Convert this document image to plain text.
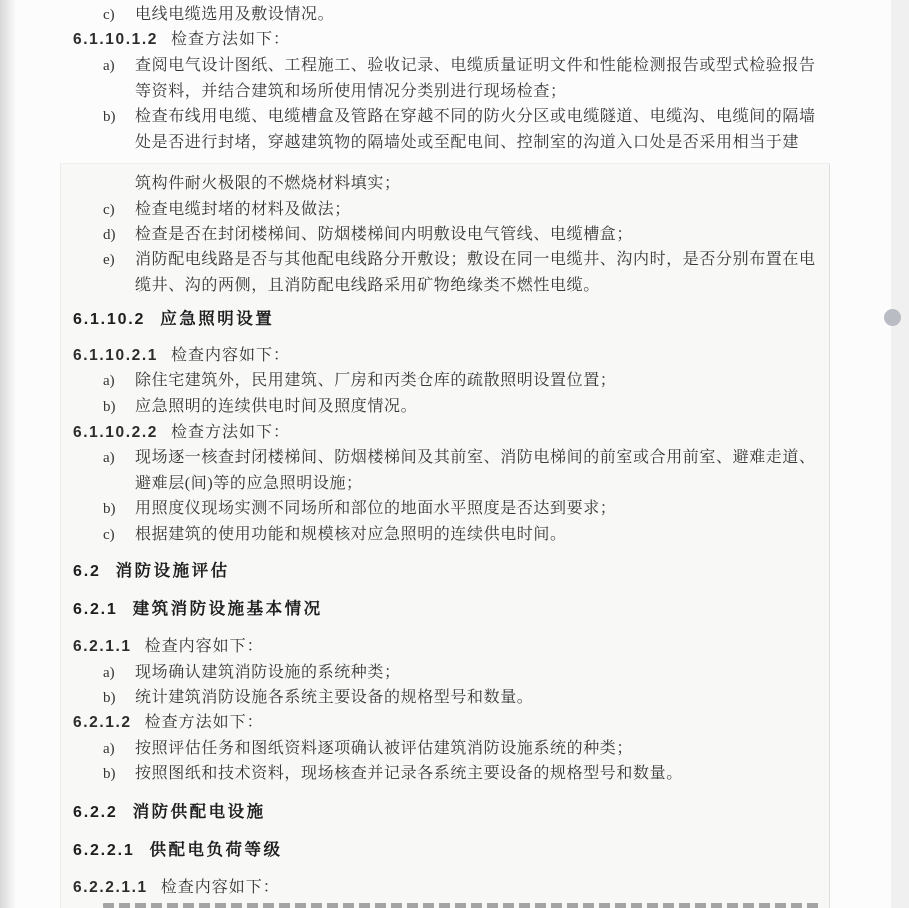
c) 电线电缆选用及敷设情况。
6.1.10.1.2 检查方法如下：
a) 查阅电气设计图纸、工程施工、验收记录、电缆质量证明文件和性能检测报告或型式检验报告
等资料，并结合建筑和场所使用情况分类别进行现场检查；
b) 检查布线用电缆、电缆槽盒及管路在穿越不同的防火分区或电缆隧道、电缆沟、电缆间的隔墙
处是否进行封堵，穿越建筑物的隔墙处或至配电间、控制室的沟道入口处是否采用相当于建
筑构件耐火极限的不燃烧材料填实；
c) 检查电缆封堵的材料及做法；
d) 检查是否在封闭楼梯间、防烟楼梯间内明敷设电气管线、电缆槽盒；
e) 消防配电线路是否与其他配电线路分开敷设；敷设在同一电缆井、沟内时，是否分别布置在电
缆井、沟的两侧，且消防配电线路采用矿物绝缘类不燃性电缆。
6.1.10.2 应急照明设置
6.1.10.2.1 检查内容如下：
a) 除住宅建筑外，民用建筑、厂房和丙类仓库的疏散照明设置位置；
b) 应急照明的连续供电时间及照度情况。
6.1.10.2.2 检查方法如下：
a) 现场逐一核查封闭楼梯间、防烟楼梯间及其前室、消防电梯间的前室或合用前室、避难走道、
避难层(间)等的应急照明设施；
b) 用照度仪现场实测不同场所和部位的地面水平照度是否达到要求；
c) 根据建筑的使用功能和规模核对应急照明的连续供电时间。
6.2 消防设施评估
6.2.1 建筑消防设施基本情况
6.2.1.1 检查内容如下：
a) 现场确认建筑消防设施的系统种类；
b) 统计建筑消防设施各系统主要设备的规格型号和数量。
6.2.1.2 检查方法如下：
a) 按照评估任务和图纸资料逐项确认被评估建筑消防设施系统的种类；
b) 按照图纸和技术资料，现场核查并记录各系统主要设备的规格型号和数量。
6.2.2 消防供配电设施
6.2.2.1 供配电负荷等级
6.2.2.1.1 检查内容如下：
